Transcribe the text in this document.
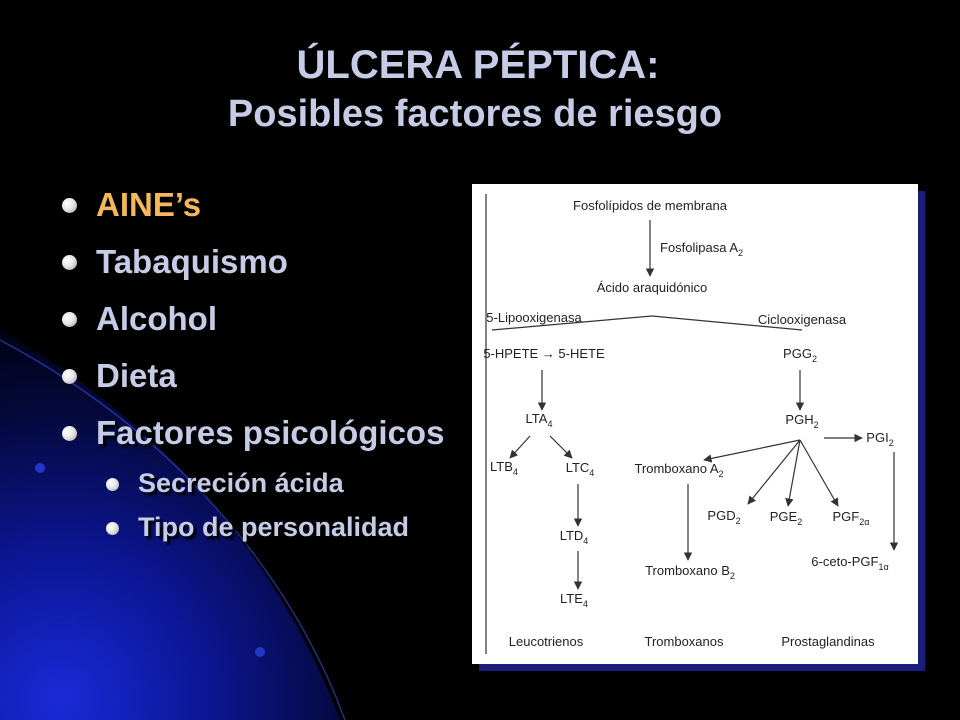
ÚLCERA PÉPTICA:
Posibles factores de riesgo
AINE’s
Tabaquismo
Alcohol
Dieta
Factores psicológicos
Secreción ácida
Tipo de personalidad
Fosfolípidos de membrana
Fosfolipasa $A_2$
Ácido araquidónico
5-Lipooxigenasa	Ciclooxigenasa
5-HPETE → 5-HETE	$PGG_2$
$LTA_4$	$PGH_2$
$PGI_2$
$LTB_4$	$LTC_4$	Tromboxano $A_2$
$PGD_2$ $PGE_2$ $PGF_{2\alpha}$
$LTD_4$
$6-ceto-PGF_{1\alpha}$
Tromboxano $B_2$
$LTE_4$
Leucotrienos	Tromboxanos	Prostaglandinas
